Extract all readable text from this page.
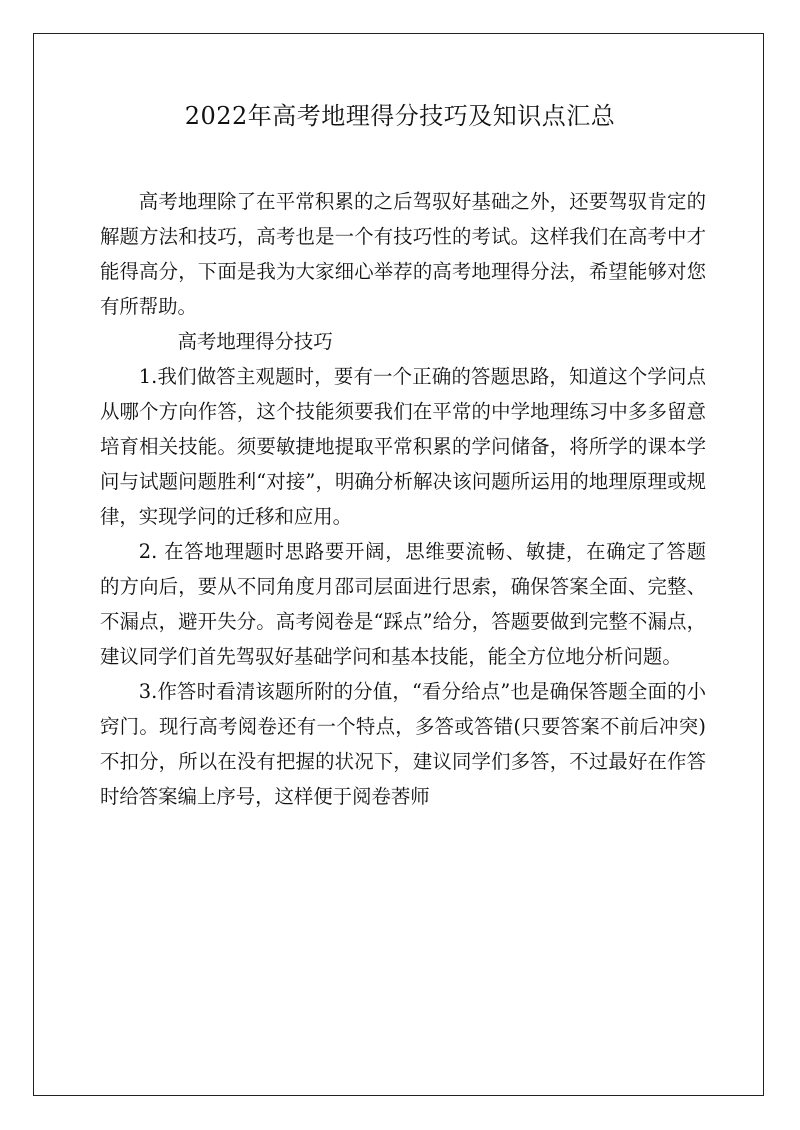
2022年高考地理得分技巧及知识点汇总

高考地理除了在平常积累的之后驾驭好基础之外，还要驾驭肯定的解题方法和技巧，高考也是一个有技巧性的考试。这样我们在高考中才能得高分，下面是我为大家细心举荐的高考地理得分法，希望能够对您有所帮助。

高考地理得分技巧

1.我们做答主观题时，要有一个正确的答题思路，知道这个学问点从哪个方向作答，这个技能须要我们在平常的中学地理练习中多多留意培育相关技能。须要敏捷地提取平常积累的学问储备，将所学的课本学问与试题问题胜利“对接”，明确分析解决该问题所运用的地理原理或规律，实现学问的迁移和应用。

2. 在答地理题时思路要开阔，思维要流畅、敏捷，在确定了答题的方向后，要从不同角度月邵司层面进行思索，确保答案全面、完整、不漏点，避开失分。高考阅卷是“踩点”给分，答题要做到完整不漏点，建议同学们首先驾驭好基础学问和基本技能，能全方位地分析问题。

3.作答时看清该题所附的分值，“看分给点”也是确保答题全面的小窍门。现行高考阅卷还有一个特点，多答或答错(只要答案不前后冲突)不扣分，所以在没有把握的状况下，建议同学们多答，不过最好在作答时给答案编上序号，这样便于阅卷莕师
